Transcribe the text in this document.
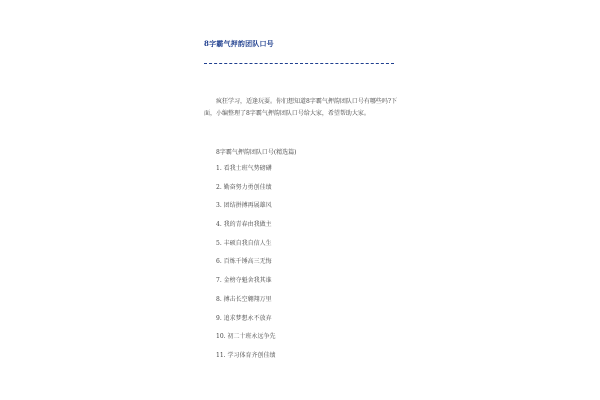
8字霸气押韵团队口号

疯狂学习，适逢玩耍。你们想知道8字霸气押韵团队口号有哪些吗?下面，小编整理了8字霸气押韵团队口号给大家，希望帮助大家。

8字霸气押韵团队口号(精选篇)
1. 看我士班气势磅礴
2. 勤奋努力勇创佳绩
3. 团结拼搏再展雄风
4. 我的青春由我做主
5. 丰硕自我自信人生
6. 百炼千锤高三无悔
7. 金榜夺魁舍我其谁
8. 搏击长空翱翔万里
9. 追求梦想永不放弃
10. 初二十班永远争先
11. 学习体育齐创佳绩
